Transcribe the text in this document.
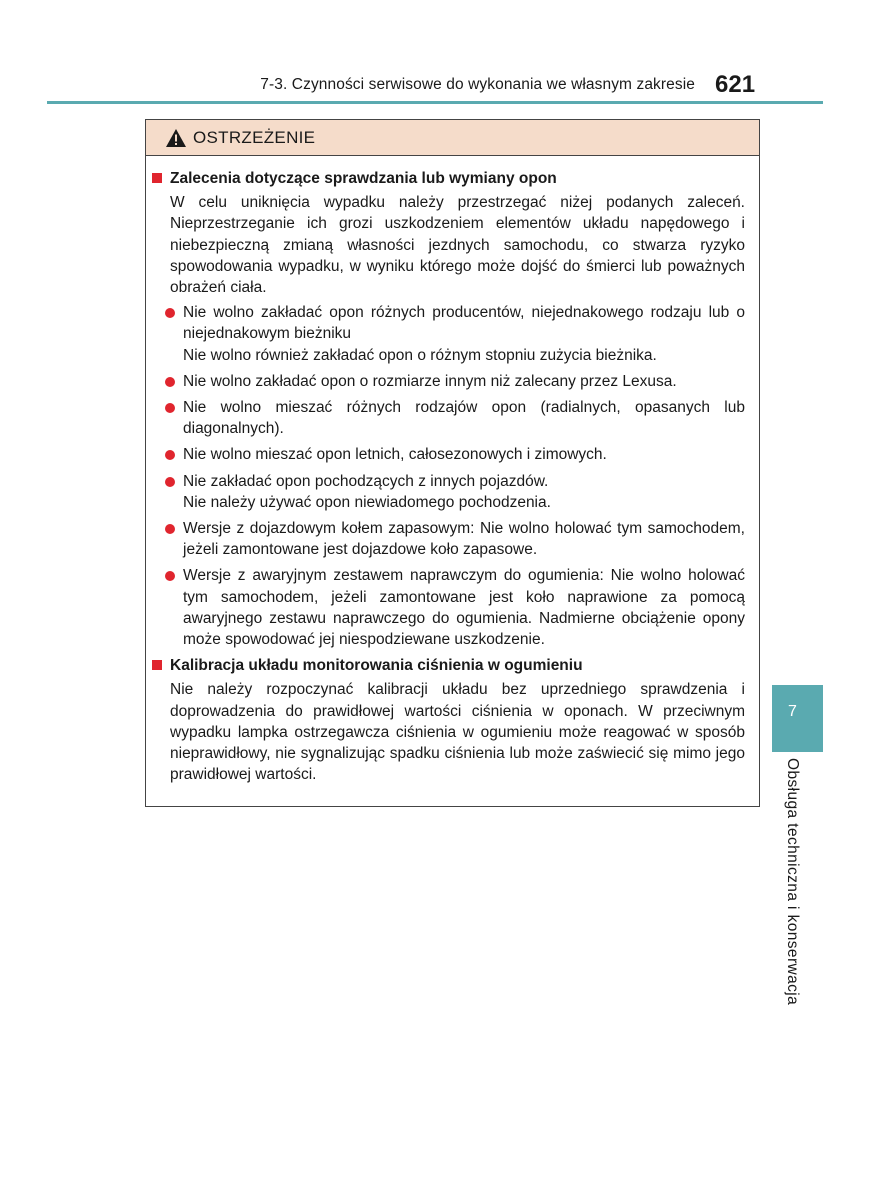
7-3. Czynności serwisowe do wykonania we własnym zakresie 621
OSTRZEŻENIE
Zalecenia dotyczące sprawdzania lub wymiany opon

W celu uniknięcia wypadku należy przestrzegać niżej podanych zaleceń. Nieprzestrzeganie ich grozi uszkodzeniem elementów układu napędowego i niebezpieczną zmianą własności jezdnych samochodu, co stwarza ryzyko spowodowania wypadku, w wyniku którego może dojść do śmierci lub poważnych obrażeń ciała.

Nie wolno zakładać opon różnych producentów, niejednakowego rodzaju lub o niejednakowym bieżniku

Nie wolno również zakładać opon o różnym stopniu zużycia bieżnika.

Nie wolno zakładać opon o rozmiarze innym niż zalecany przez Lexusa.

Nie wolno mieszać różnych rodzajów opon (radialnych, opasanych lub diagonalnych).

Nie wolno mieszać opon letnich, całosezonowych i zimowych.

Nie zakładać opon pochodzących z innych pojazdów.

Nie należy używać opon niewiadomego pochodzenia.

Wersje z dojazdowym kołem zapasowym: Nie wolno holować tym samochodem, jeżeli zamontowane jest dojazdowe koło zapasowe.

Wersje z awaryjnym zestawem naprawczym do ogumienia: Nie wolno holować tym samochodem, jeżeli zamontowane jest koło naprawione za pomocą awaryjnego zestawu naprawczego do ogumienia. Nadmierne obciążenie opony może spowodować jej niespodziewane uszkodzenie.

Kalibracja układu monitorowania ciśnienia w ogumieniu

Nie należy rozpoczynać kalibracji układu bez uprzedniego sprawdzenia i doprowadzenia do prawidłowej wartości ciśnienia w oponach. W przeciwnym wypadku lampka ostrzegawcza ciśnienia w ogumieniu może reagować w sposób nieprawidłowy, nie sygnalizując spadku ciśnienia lub może zaświecić się mimo jego prawidłowej wartości.

7
Obsługa techniczna i konserwacja
